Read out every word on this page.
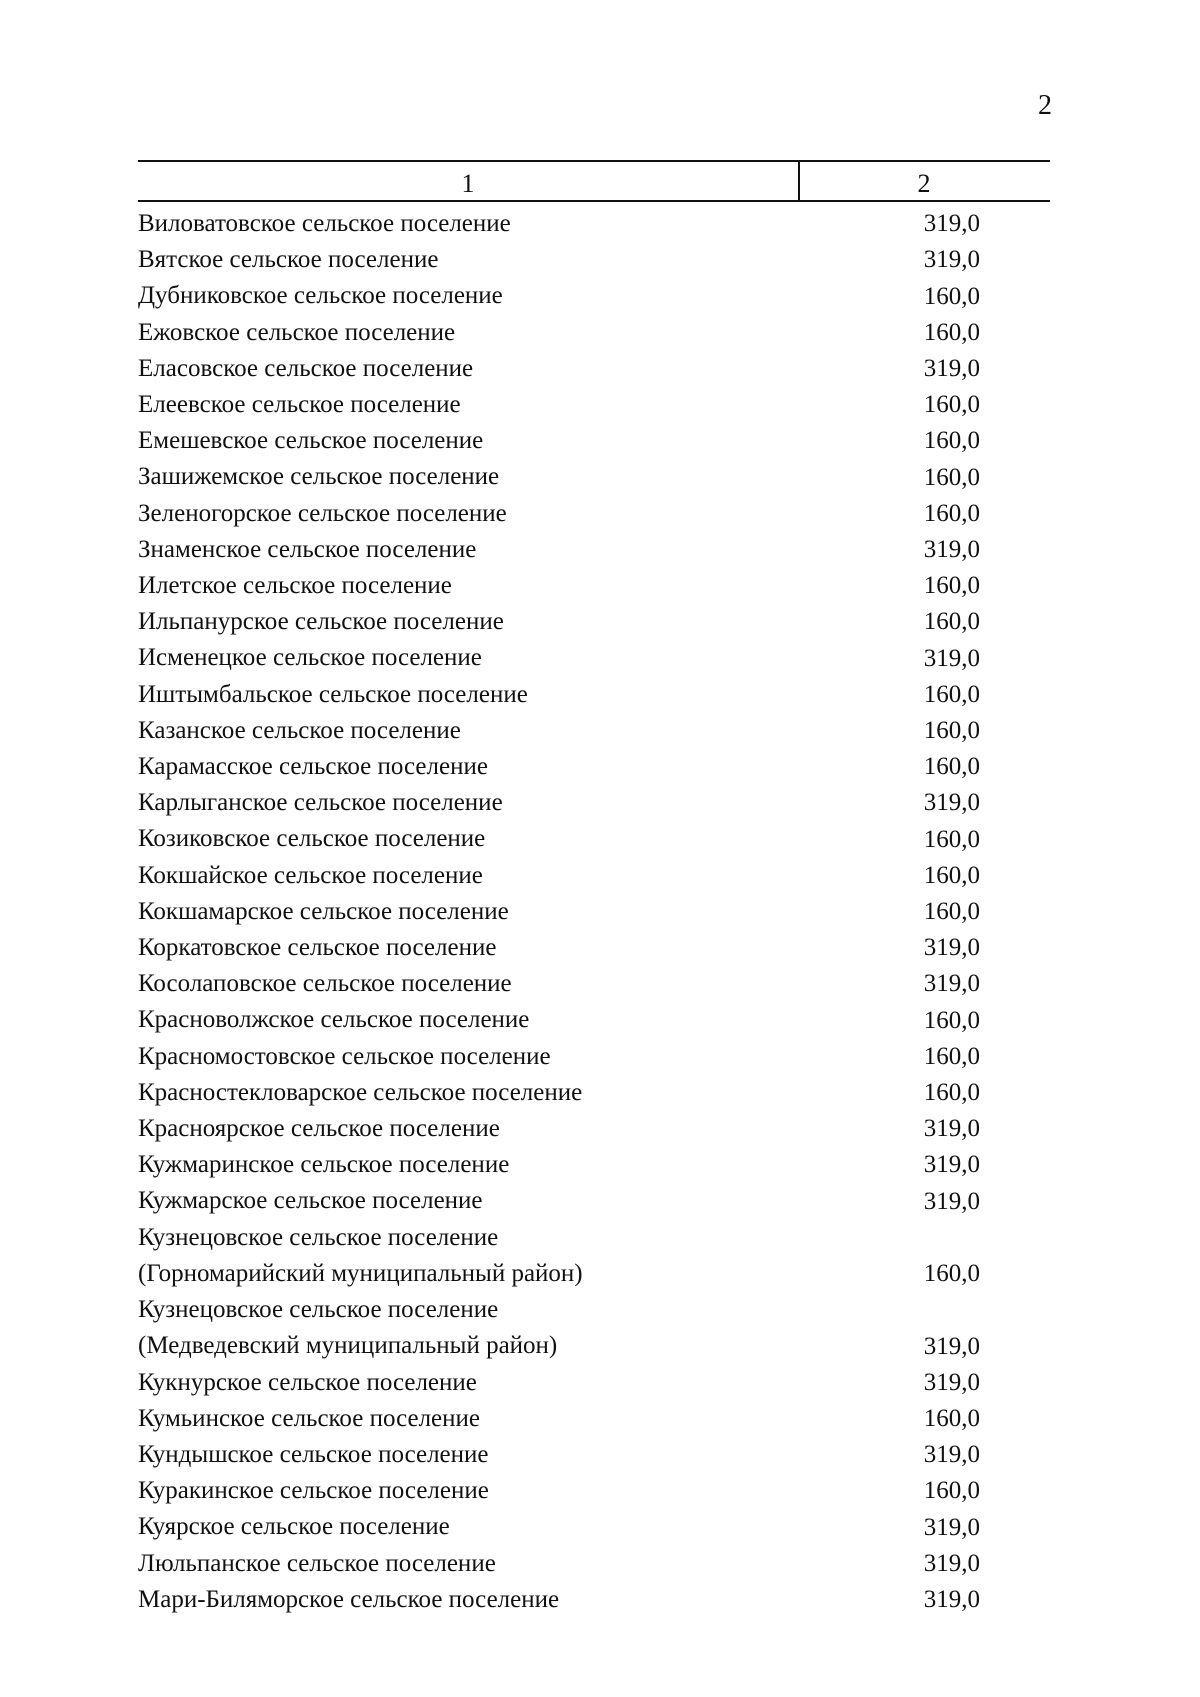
2
1	2
Виловатовское сельское поселение	319,0
Вятское сельское поселение	319,0
Дубниковское сельское поселение	160,0
Ежовское сельское поселение	160,0
Еласовское сельское поселение	319,0
Елеевское сельское поселение	160,0
Емешевское сельское поселение	160,0
Зашижемское сельское поселение	160,0
Зеленогорское сельское поселение	160,0
Знаменское сельское поселение	319,0
Илетское сельское поселение	160,0
Ильпанурское сельское поселение	160,0
Исменецкое сельское поселение	319,0
Иштымбальское сельское поселение	160,0
Казанское сельское поселение	160,0
Карамасское сельское поселение	160,0
Карлыганское сельское поселение	319,0
Козиковское сельское поселение	160,0
Кокшайское сельское поселение	160,0
Кокшамарское сельское поселение	160,0
Коркатовское сельское поселение	319,0
Косолаповское сельское поселение	319,0
Красноволжское сельское поселение	160,0
Красномостовское сельское поселение	160,0
Красностекловарское сельское поселение	160,0
Красноярское сельское поселение	319,0
Кужмаринское сельское поселение	319,0
Кужмарское сельское поселение	319,0
Кузнецовское сельское поселение
(Горномарийский муниципальный район)	160,0
Кузнецовское сельское поселение
(Медведевский муниципальный район)	319,0
Кукнурское сельское поселение	319,0
Кумьинское сельское поселение	160,0
Кундышское сельское поселение	319,0
Куракинское сельское поселение	160,0
Куярское сельское поселение	319,0
Люльпанское сельское поселение	319,0
Мари-Биляморское сельское поселение	319,0
